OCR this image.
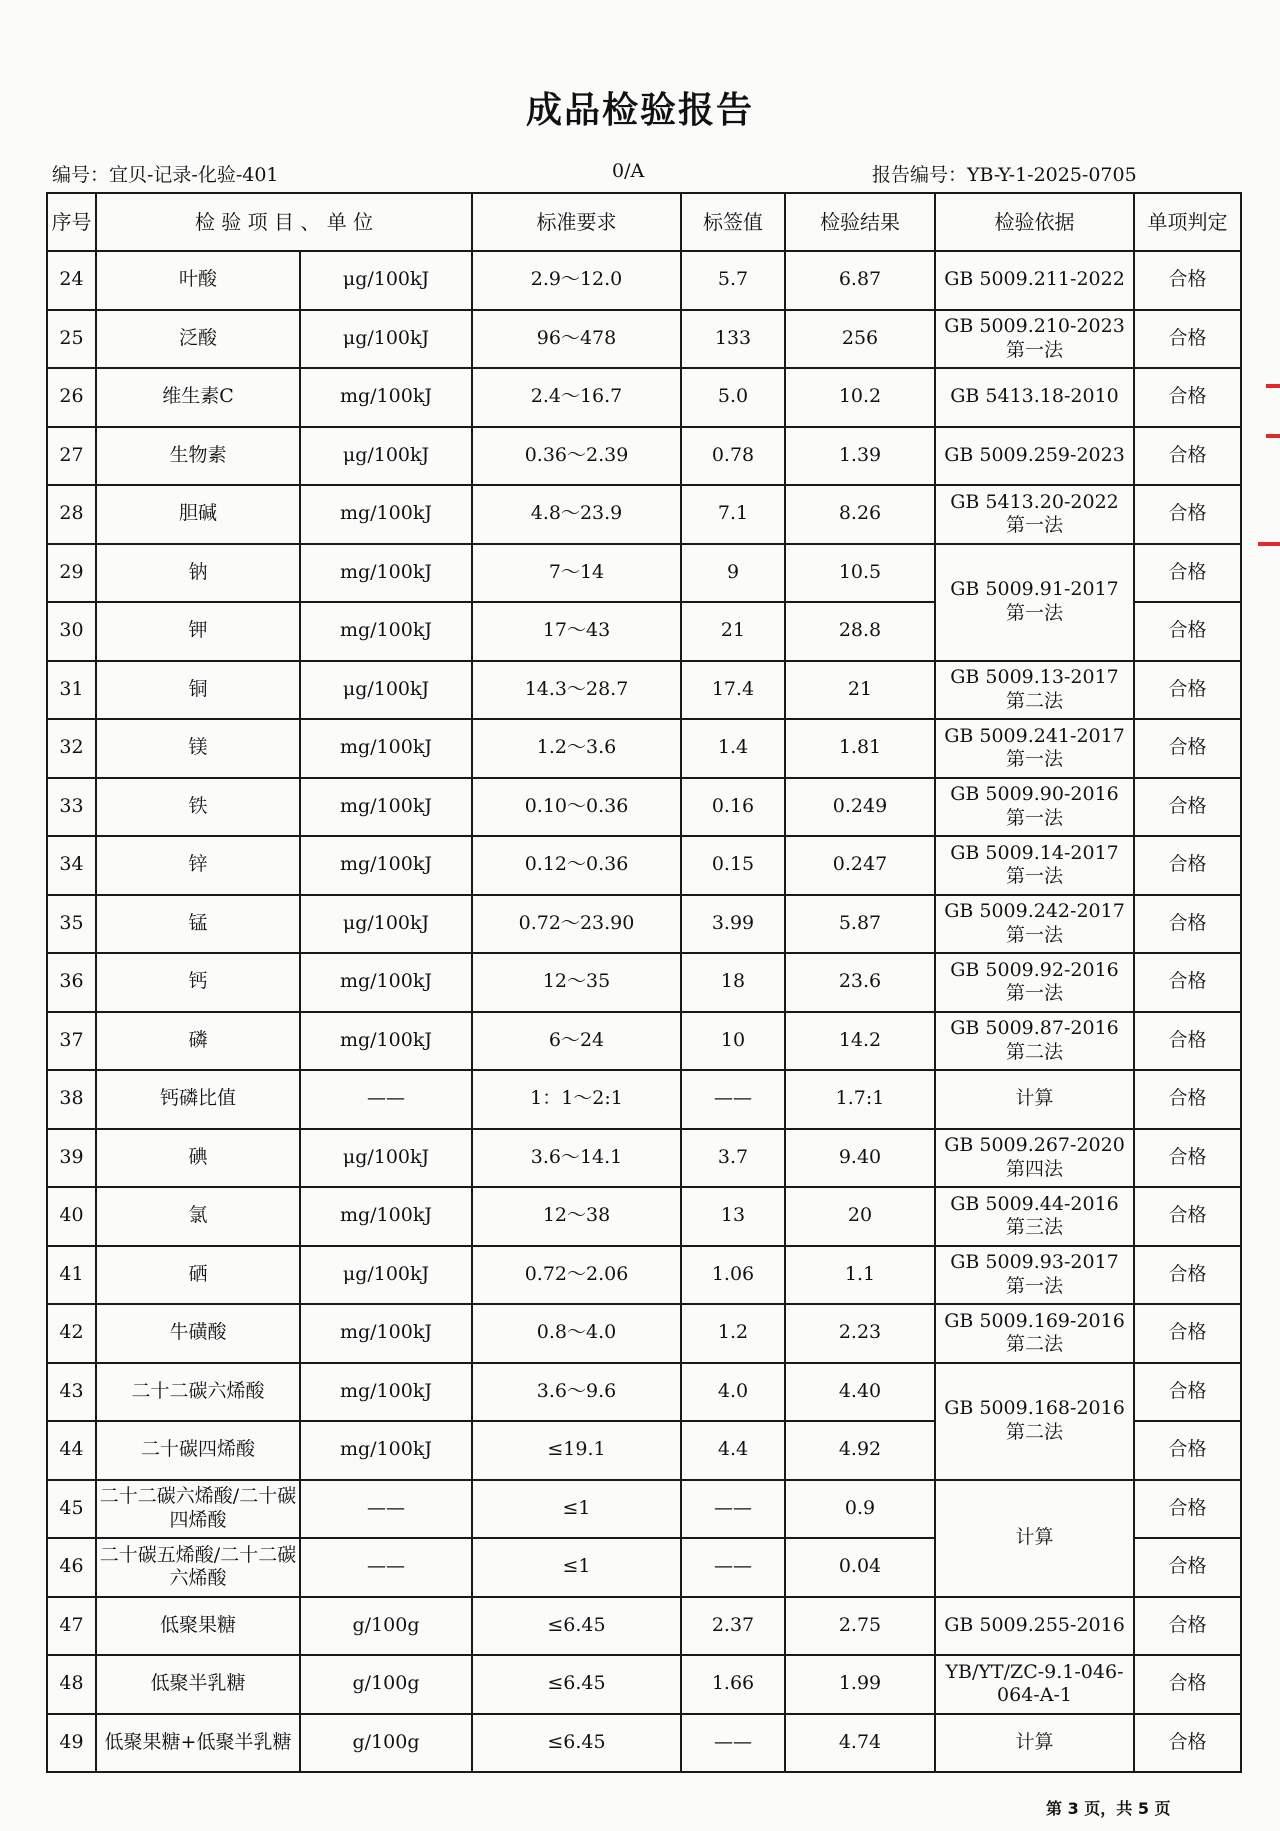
成品检验报告
编号：宜贝-记录-化验-401	0/A	报告编号：YB-Y-1-2025-0705
序号	检 验 项 目 、 单 位		标准要求	标签值	检验结果	检验依据	单项判定
24	叶酸	μg/100kJ	2.9～12.0	5.7	6.87	GB 5009.211-2022	合格
25	泛酸	μg/100kJ	96～478	133	256	GB 5009.210-2023 第一法	合格
26	维生素C	mg/100kJ	2.4～16.7	5.0	10.2	GB 5413.18-2010	合格
27	生物素	μg/100kJ	0.36～2.39	0.78	1.39	GB 5009.259-2023	合格
28	胆碱	mg/100kJ	4.8～23.9	7.1	8.26	GB 5413.20-2022 第一法	合格
29	钠	mg/100kJ	7～14	9	10.5	GB 5009.91-2017 第一法	合格
30	钾	mg/100kJ	17～43	21	28.8		合格
31	铜	μg/100kJ	14.3～28.7	17.4	21	GB 5009.13-2017 第二法	合格
32	镁	mg/100kJ	1.2～3.6	1.4	1.81	GB 5009.241-2017 第一法	合格
33	铁	mg/100kJ	0.10～0.36	0.16	0.249	GB 5009.90-2016 第一法	合格
34	锌	mg/100kJ	0.12～0.36	0.15	0.247	GB 5009.14-2017 第一法	合格
35	锰	μg/100kJ	0.72～23.90	3.99	5.87	GB 5009.242-2017 第一法	合格
36	钙	mg/100kJ	12～35	18	23.6	GB 5009.92-2016 第一法	合格
37	磷	mg/100kJ	6～24	10	14.2	GB 5009.87-2016 第二法	合格
38	钙磷比值	——	1：1～2:1	——	1.7:1	计算	合格
39	碘	μg/100kJ	3.6～14.1	3.7	9.40	GB 5009.267-2020 第四法	合格
40	氯	mg/100kJ	12～38	13	20	GB 5009.44-2016 第三法	合格
41	硒	μg/100kJ	0.72～2.06	1.06	1.1	GB 5009.93-2017 第一法	合格
42	牛磺酸	mg/100kJ	0.8～4.0	1.2	2.23	GB 5009.169-2016 第二法	合格
43	二十二碳六烯酸	mg/100kJ	3.6～9.6	4.0	4.40	GB 5009.168-2016 第二法	合格
44	二十碳四烯酸	mg/100kJ	≤19.1	4.4	4.92		合格
45	二十二碳六烯酸/二十碳四烯酸	——	≤1	——	0.9	计算	合格
46	二十碳五烯酸/二十二碳六烯酸	——	≤1	——	0.04		合格
47	低聚果糖	g/100g	≤6.45	2.37	2.75	GB 5009.255-2016	合格
48	低聚半乳糖	g/100g	≤6.45	1.66	1.99	YB/YT/ZC-9.1-046-064-A-1	合格
49	低聚果糖+低聚半乳糖	g/100g	≤6.45	——	4.74	计算	合格
第 3 页，共 5 页
